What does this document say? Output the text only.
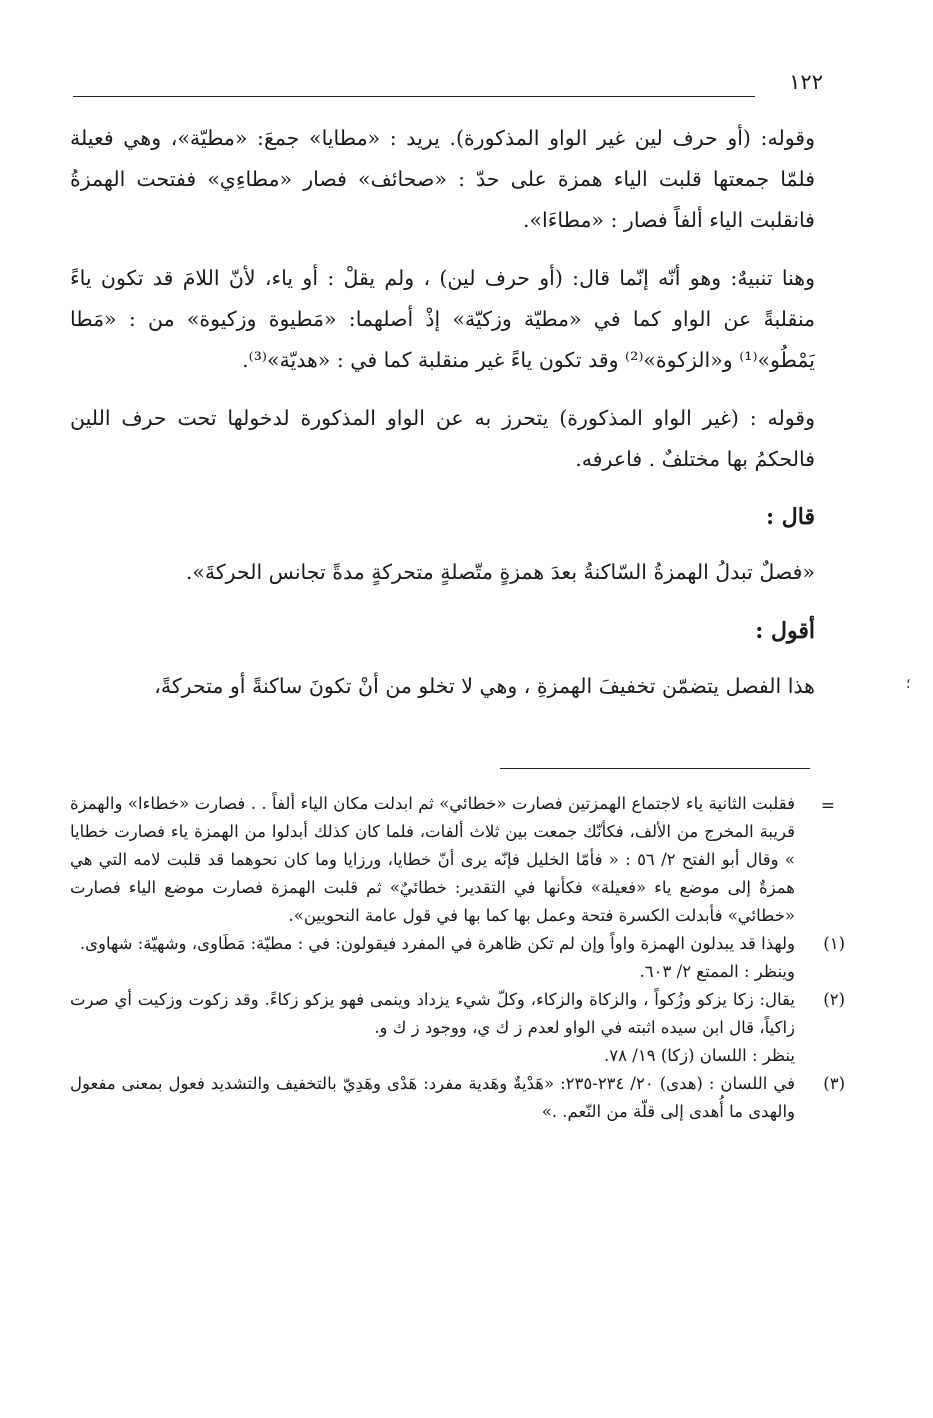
١٢٢

وقوله: (أو حرف لين غير الواو المذكورة). يريد : «مطايا» جمعَ: «مطيّة»، وهي فعيلة فلمّا جمعتها قلبت الياء همزة على حدّ : «صحائف» فصار «مطاءِي» ففتحت الهمزةُ فانقلبت الياء ألفاً فصار : «مطاءَا».

وهنا تنبيهٌ: وهو أنّه إنّما قال: (أو حرف لين) ، ولم يقلْ : أو ياء، لأنّ اللامَ قد تكون ياءً منقلبةً عن الواو كما في «مطيّة وزكيّة» إذْ أصلهما: «مَطيوة وزكيوة» من : «مَطا يَمْطُو»⁽¹⁾ و«الزكوة»⁽²⁾ وقد تكون ياءً غير منقلبة كما في : «هديّة»⁽³⁾.

وقوله : (غير الواو المذكورة) يتحرز به عن الواو المذكورة لدخولها تحت حرف اللين فالحكمُ بها مختلفٌ . فاعرفه.

قال :

«فصلٌ تبدلُ الهمزةُ السّاكنةُ بعدَ همزةٍ متّصلةٍ متحركةٍ مدةً تجانس الحركةَ».

أقول :

هذا الفصل يتضمّن تخفيفَ الهمزةِ ، وهي لا تخلو من أنْ تكونَ ساكنةً أو متحركةً،	؛
=
فقلبت الثانية ياء لاجتماع الهمزتين فصارت «خطائي» ثم ابدلت مكان الياء ألفاً . . فصارت «خطاءا» والهمزة قريبة المخرج من الألف، فكأنّك جمعت بين ثلاث ألفات، فلما كان كذلك أبدلوا من الهمزة ياء فصارت خطايا » وقال أبو الفتح ٢/ ٥٦ : « فأمّا الخليل فإنّه يرى أنّ خطايا، ورزايا وما كان نحوهما قد قلبت لامه التي هي همزةٌ إلى موضع ياء «فعيلة» فكأنها في التقدير: خطائيٌ» ثم قلبت الهمزة فصارت موضع الياء فصارت «خطائي» فأبدلت الكسرة فتحة وعمل بها كما بها في قول عامة النحويين».
(١)
ولهذا قد يبدلون الهمزة واواً وإن لم تكن ظاهرة في المفرد فيقولون: في : مطيّة: مَطَاوى، وشهيّة: شهاوى.
وينظر : الممتع ٢/ ٦٠٣.
(٢)
يقال: زكا يزكو وزُكواً ، والزكاة والزكاء، وكلّ شيء يزداد وينمى فهو يزكو زكاءً. وقد زكوت وزكيت أي صرت زاكياً، قال ابن سيده اثبته في الواو لعدم ز ك ي، ووجود ز ك و.
ينظر : اللسان (زكا) ١٩/ ٧٨.
(٣)
في اللسان : (هدى) ٢٠/ ٢٣٤-٢٣٥: «هَدْيةٌ وهَدية مفرد: هَدْى وهَدِيّ بالتخفيف والتشديد فعول بمعنى مفعول والهدى ما أُهدى إلى قلّة من النّعم. .»
